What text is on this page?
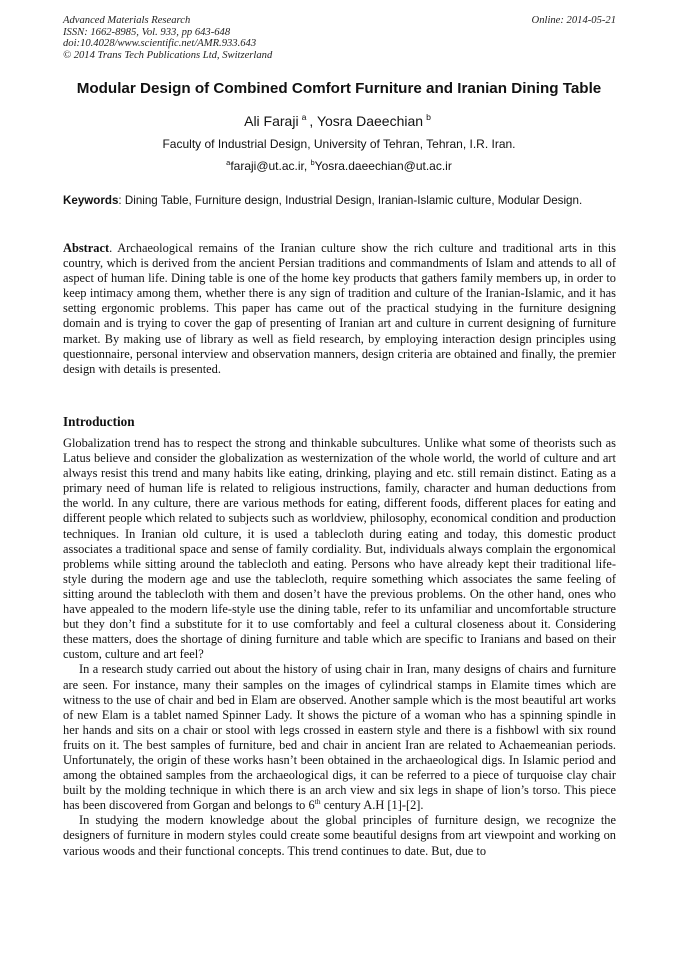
Advanced Materials Research
ISSN: 1662-8985, Vol. 933, pp 643-648
doi:10.4028/www.scientific.net/AMR.933.643
© 2014 Trans Tech Publications Ltd, Switzerland
Online: 2014-05-21
Modular Design of Combined Comfort Furniture and Iranian Dining Table
Ali Faraji $^a$ , Yosra Daeechian $^b$
Faculty of Industrial Design, University of Tehran, Tehran, I.R. Iran.
$^a$faraji@ut.ac.ir, $^b$Yosra.daeechian@ut.ac.ir

Keywords: Dining Table, Furniture design, Industrial Design, Iranian-Islamic culture, Modular Design.

Abstract. Archaeological remains of the Iranian culture show the rich culture and traditional arts in this country, which is derived from the ancient Persian traditions and commandments of Islam and attends to all of aspect of human life. Dining table is one of the home key products that gathers family members up, in order to keep intimacy among them, whether there is any sign of tradition and culture of the Iranian-Islamic, and it has setting ergonomic problems. This paper has came out of the practical studying in the furniture designing domain and is trying to cover the gap of presenting of Iranian art and culture in current designing of furniture market. By making use of library as well as field research, by employing interaction design principles using questionnaire, personal interview and observation manners, design criteria are obtained and finally, the premier design with details is presented.

Introduction

Globalization trend has to respect the strong and thinkable subcultures. Unlike what some of theorists such as Latus believe and consider the globalization as westernization of the whole world, the world of culture and art always resist this trend and many habits like eating, drinking, playing and etc. still remain distinct. Eating as a primary need of human life is related to religious instructions, family, character and human deductions from the world. In any culture, there are various methods for eating, different foods, different places for eating and different people which related to subjects such as worldview, philosophy, economical condition and production techniques. In Iranian old culture, it is used a tablecloth during eating and today, this domestic product associates a traditional space and sense of family cordiality. But, individuals always complain the ergonomical problems while sitting around the tablecloth and eating. Persons who have already kept their traditional life-style during the modern age and use the tablecloth, require something which associates the same feeling of sitting around the tablecloth with them and dosen’t have the previous problems. On the other hand, ones who have appealed to the modern life-style use the dining table, refer to its unfamiliar and uncomfortable structure but they don’t find a substitute for it to use comfortably and feel a cultural closeness about it. Considering these matters, does the shortage of dining furniture and table which are specific to Iranians and based on their custom, culture and art feel?

In a research study carried out about the history of using chair in Iran, many designs of chairs and furniture are seen. For instance, many their samples on the images of cylindrical stamps in Elamite times which are witness to the use of chair and bed in Elam are observed. Another sample which is the most beautiful art works of new Elam is a tablet named Spinner Lady. It shows the picture of a woman who has a spinning spindle in her hands and sits on a chair or stool with legs crossed in eastern style and there is a fishbowl with six round fruits on it. The best samples of furniture, bed and chair in ancient Iran are related to Achaemeanian periods. Unfortunately, the origin of these works hasn’t been obtained in the archaeological digs. In Islamic period and among the obtained samples from the archaeological digs, it can be referred to a piece of turquoise clay chair built by the molding technique in which there is an arch view and six legs in shape of lion’s torso. This piece has been discovered from Gorgan and belongs to 6th century A.H [1]-[2].

In studying the modern knowledge about the global principles of furniture design, we recognize the designers of furniture in modern styles could create some beautiful designs from art viewpoint and working on various woods and their functional concepts. This trend continues to date. But, due to
